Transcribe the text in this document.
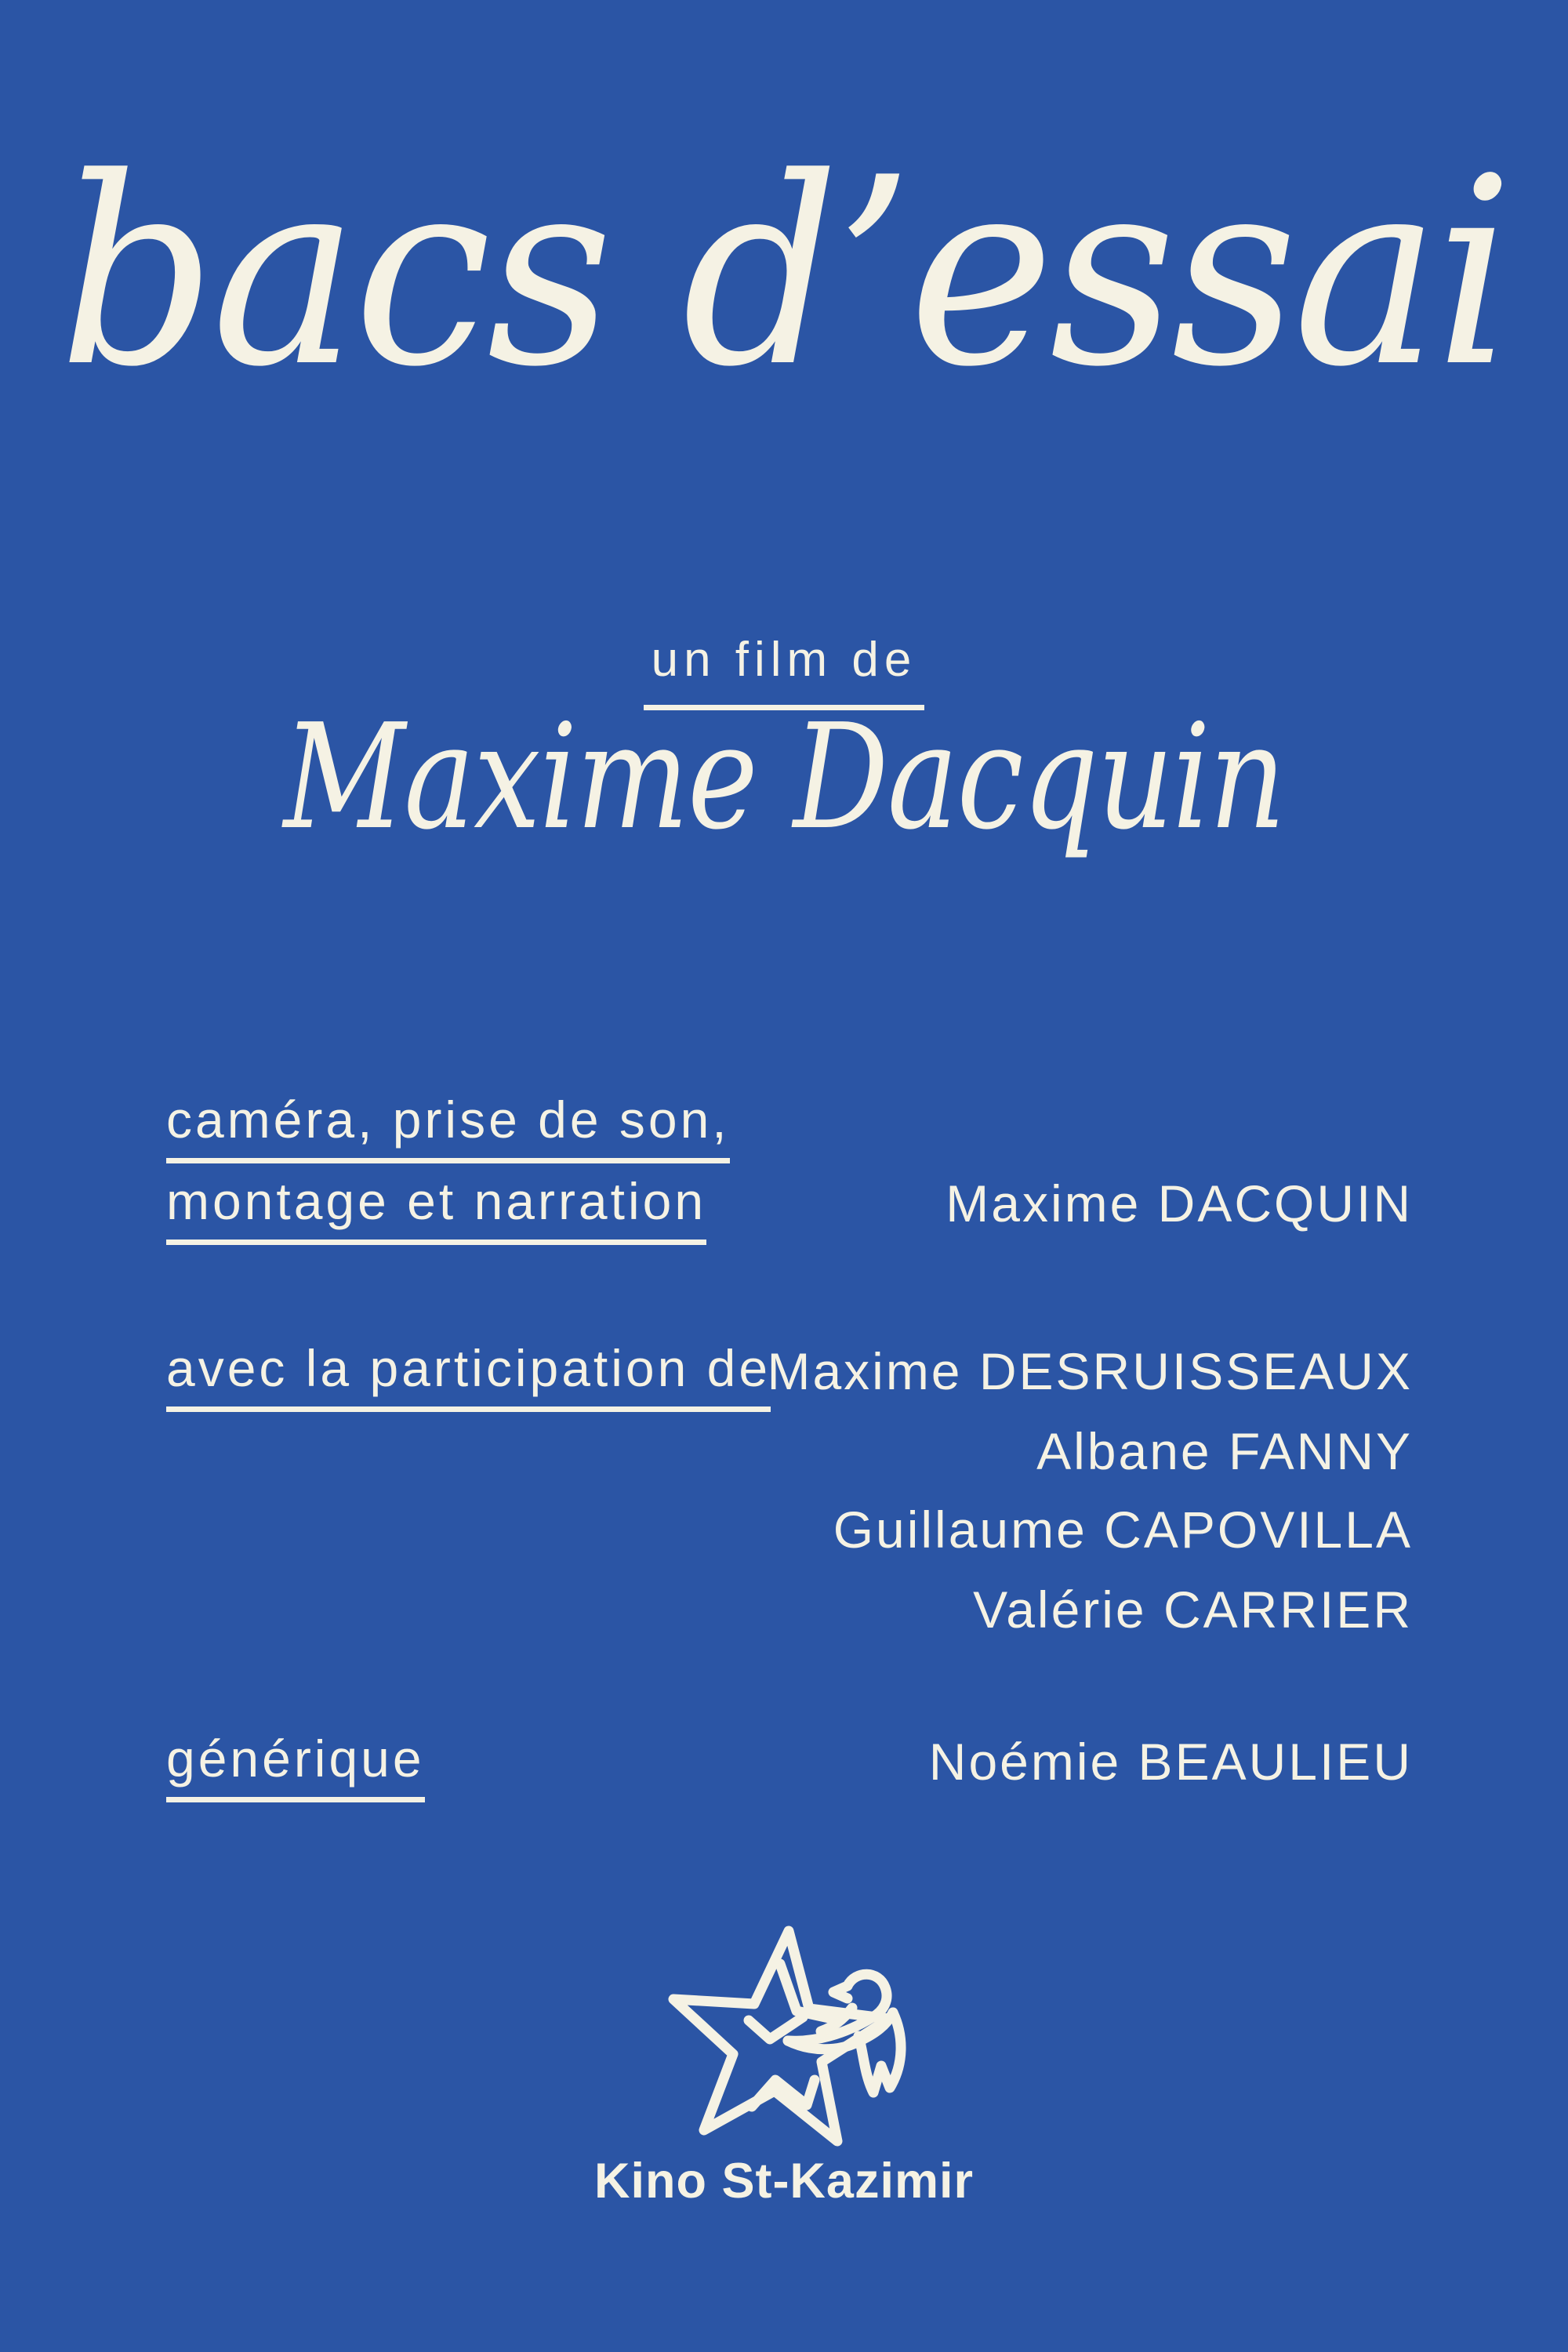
bacs d’essai
un film de
Maxime Dacquin
caméra, prise de son,
montage et narration	Maxime DACQUIN
avec la participation de
Maxime DESRUISSEAUX
Albane FANNY
Guillaume CAPOVILLA
Valérie CARRIER
générique	Noémie BEAULIEU
Kino St-Kazimir
